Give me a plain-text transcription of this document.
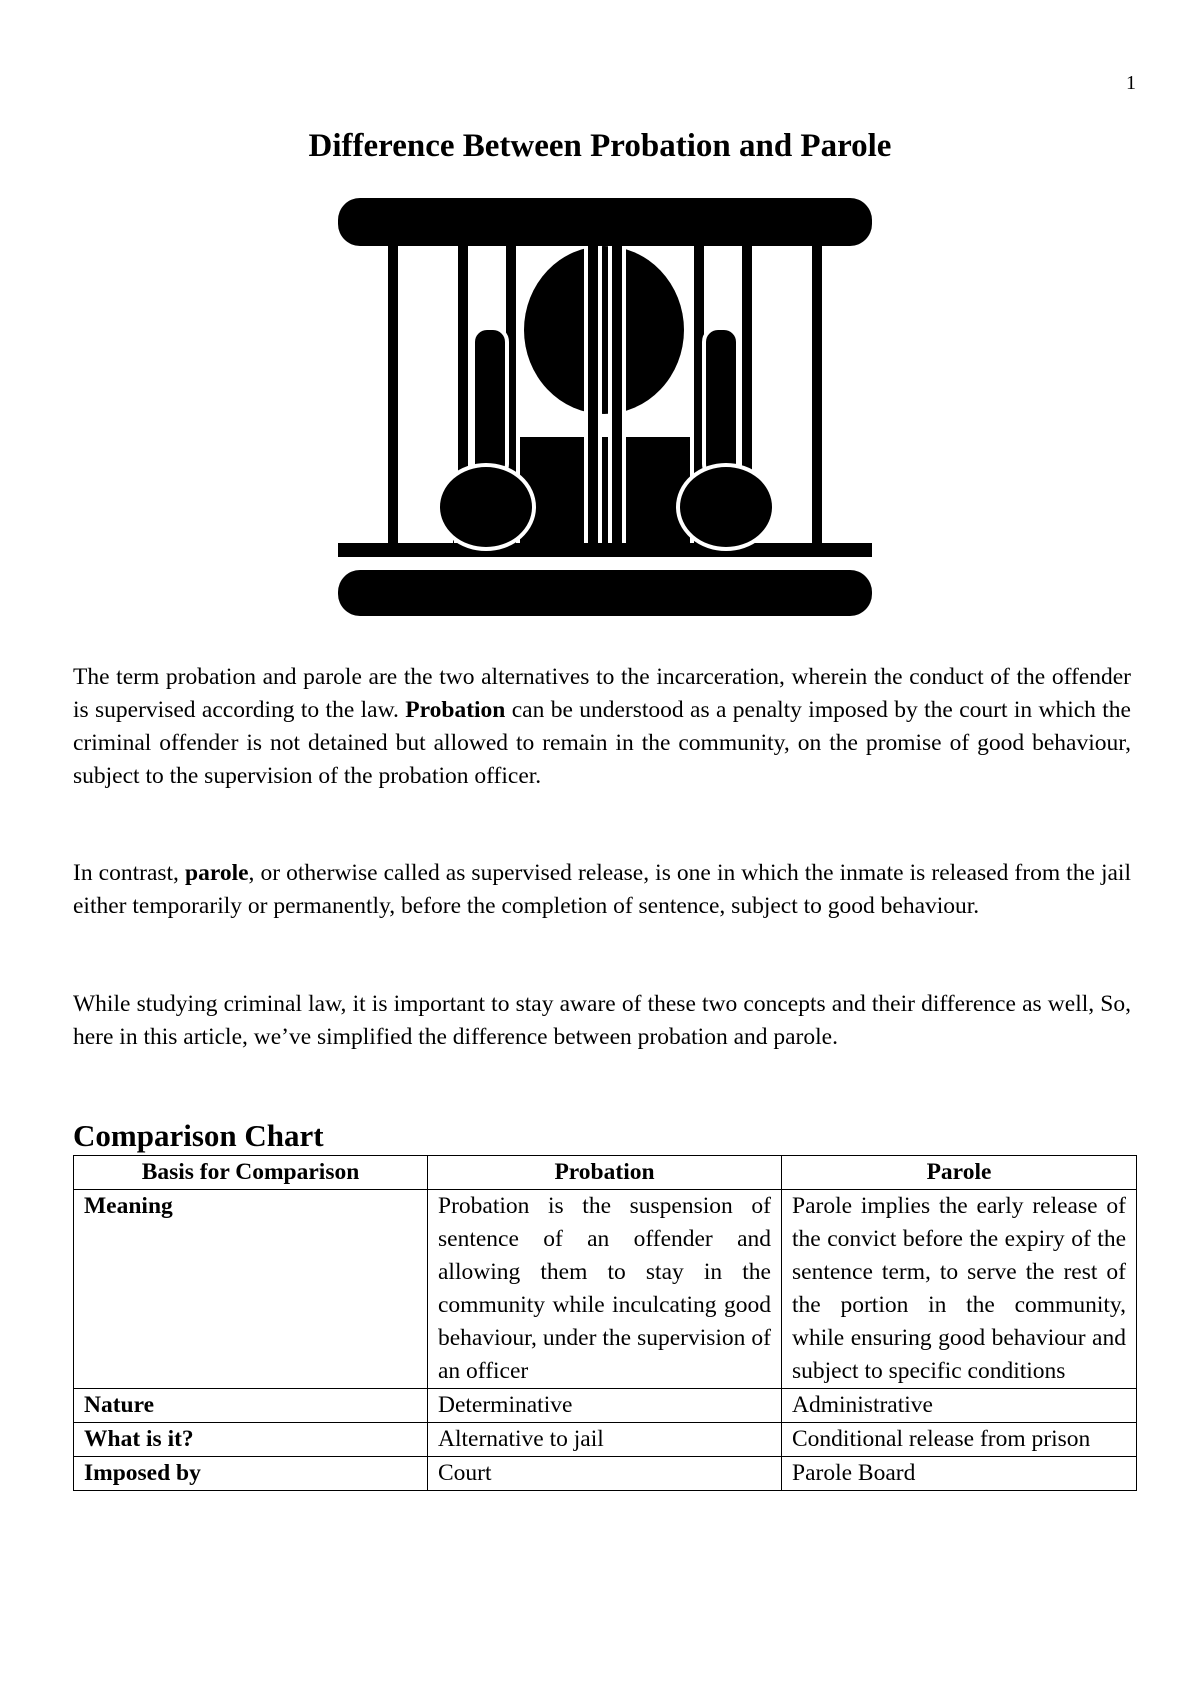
1
Difference Between Probation and Parole

The term probation and parole are the two alternatives to the incarceration, wherein the conduct of the offender is supervised according to the law. Probation can be understood as a penalty imposed by the court in which the criminal offender is not detained but allowed to remain in the community, on the promise of good behaviour, subject to the supervision of the probation officer.

In contrast, parole, or otherwise called as supervised release, is one in which the inmate is released from the jail either temporarily or permanently, before the completion of sentence, subject to good behaviour.

While studying criminal law, it is important to stay aware of these two concepts and their difference as well, So, here in this article, we’ve simplified the difference between probation and parole.

Comparison Chart
Basis for Comparison	Probation	Parole
Meaning	Probation is the suspension of sentence of an offender and allowing them to stay in the community while inculcating good behaviour, under the supervision of an officer	Parole implies the early release of the convict before the expiry of the sentence term, to serve the rest of the portion in the community, while ensuring good behaviour and subject to specific conditions
Nature	Determinative	Administrative
What is it?	Alternative to jail	Conditional release from prison
Imposed by	Court	Parole Board
